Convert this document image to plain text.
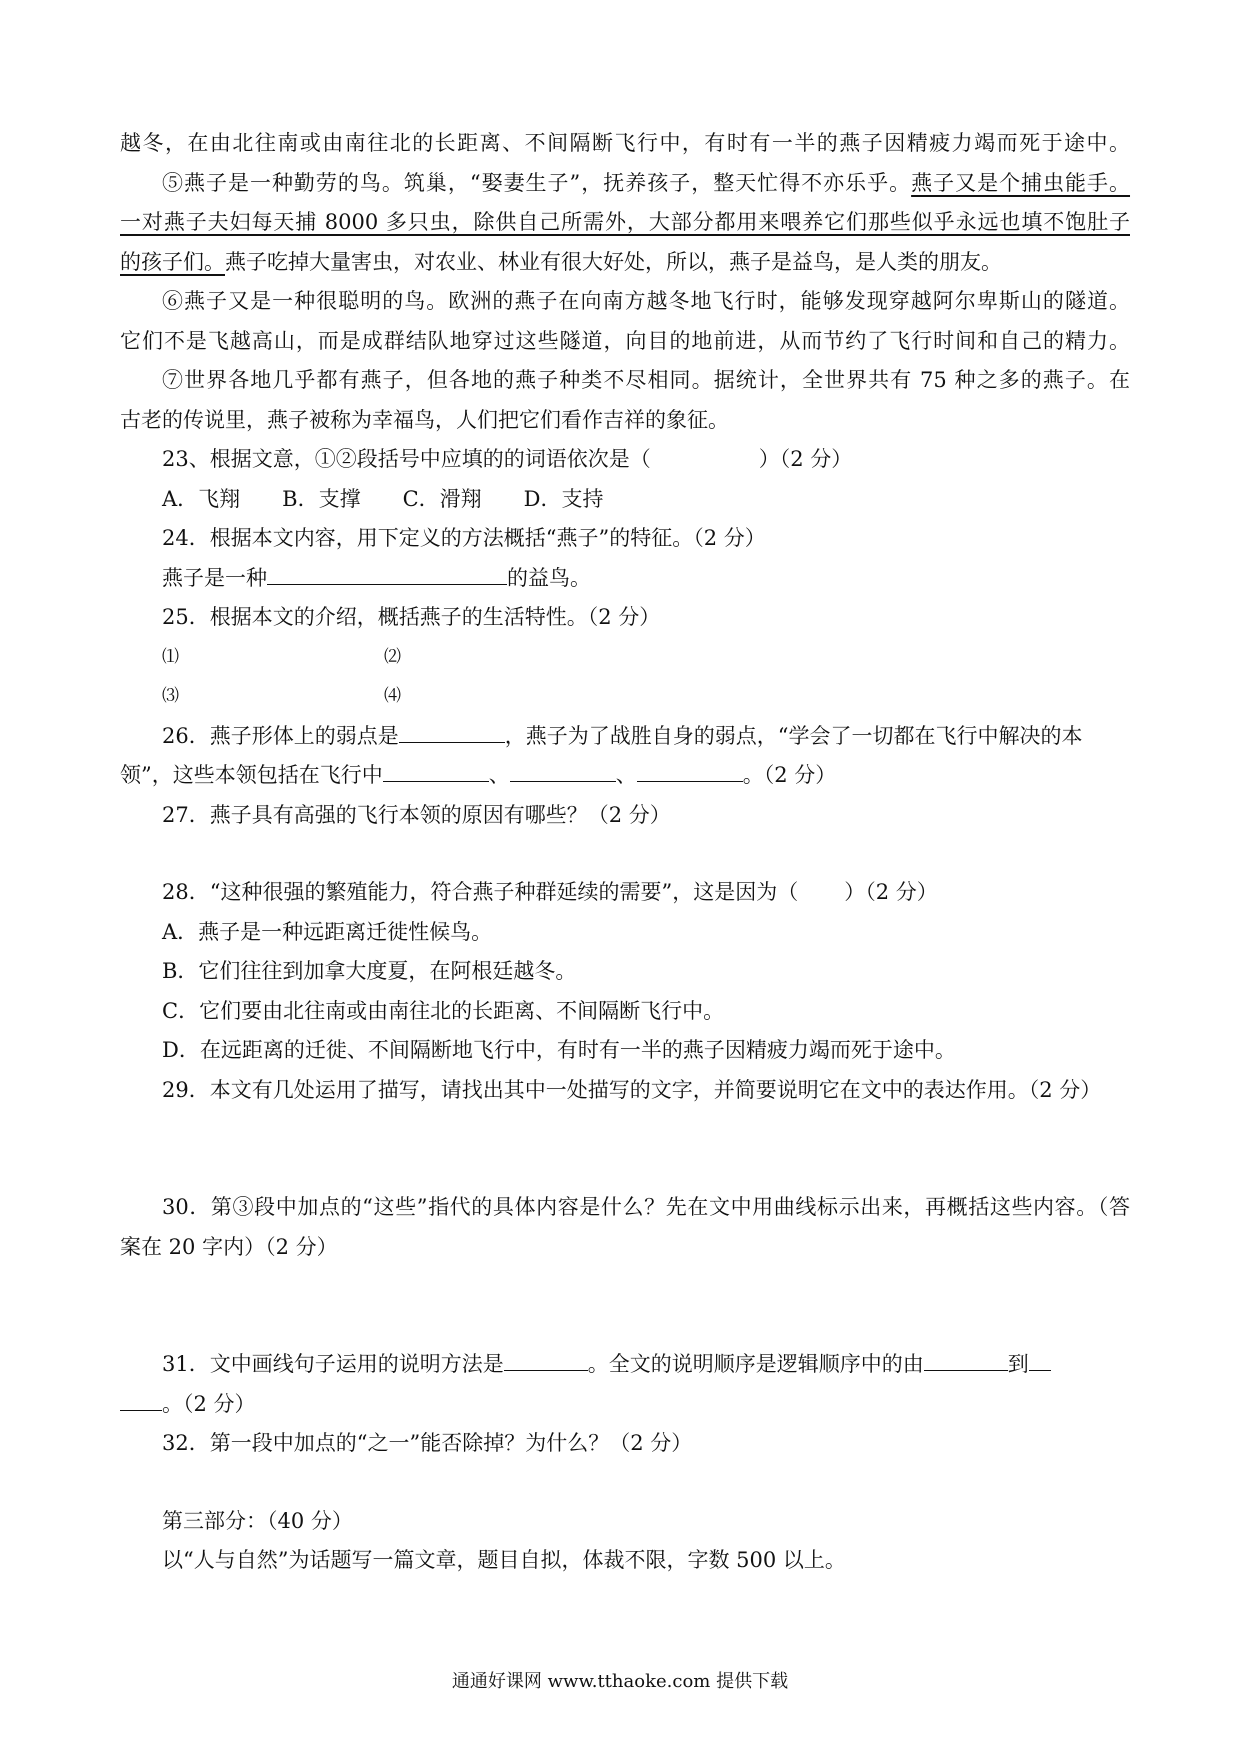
越冬，在由北往南或由南往北的长距离、不间隔断飞行中，有时有一半的燕子因精疲力竭而死于途中。
⑤燕子是一种勤劳的鸟。筑巢，“娶妻生子”，抚养孩子，整天忙得不亦乐乎。燕子又是个捕虫能手。
一对燕子夫妇每天捕 8000 多只虫，除供自己所需外，大部分都用来喂养它们那些似乎永远也填不饱肚子
的孩子们。燕子吃掉大量害虫，对农业、林业有很大好处，所以，燕子是益鸟，是人类的朋友。
⑥燕子又是一种很聪明的鸟。欧洲的燕子在向南方越冬地飞行时，能够发现穿越阿尔卑斯山的隧道。
它们不是飞越高山，而是成群结队地穿过这些隧道，向目的地前进，从而节约了飞行时间和自己的精力。
⑦世界各地几乎都有燕子，但各地的燕子种类不尽相同。据统计，全世界共有 75 种之多的燕子。在
古老的传说里，燕子被称为幸福鸟，人们把它们看作吉祥的象征。
23、根据文意，①②段括号中应填的的词语依次是（	）（2 分）
A．飞翔　　B．支撑　　C．滑翔　　D．支持
24．根据本文内容，用下定义的方法概括“燕子”的特征。（2 分）
燕子是一种	的益鸟。
25．根据本文的介绍，概括燕子的生活特性。（2 分）
⑴	⑵
⑶	⑷
26．燕子形体上的弱点是	，燕子为了战胜自身的弱点，“学会了一切都在飞行中解决的本
领”，这些本领包括在飞行中	、	、	。（2 分）
27．燕子具有高强的飞行本领的原因有哪些？（2 分）
28．“这种很强的繁殖能力，符合燕子种群延续的需要”，这是因为（ ）（2 分）
A．燕子是一种远距离迁徙性候鸟。
B．它们往往到加拿大度夏，在阿根廷越冬。
C．它们要由北往南或由南往北的长距离、不间隔断飞行中。
D．在远距离的迁徙、不间隔断地飞行中，有时有一半的燕子因精疲力竭而死于途中。
29．本文有几处运用了描写，请找出其中一处描写的文字，并简要说明它在文中的表达作用。（2 分）
30．第③段中加点的“这些”指代的具体内容是什么？先在文中用曲线标示出来，再概括这些内容。（答
案在 20 字内）（2 分）
31．文中画线句子运用的说明方法是	。全文的说明顺序是逻辑顺序中的由	到
。（2 分）
32．第一段中加点的“之一”能否除掉？为什么？（2 分）
第三部分：（40 分）
以“人与自然”为话题写一篇文章，题目自拟，体裁不限，字数 500 以上。
通通好课网 www.tthaoke.com 提供下载
